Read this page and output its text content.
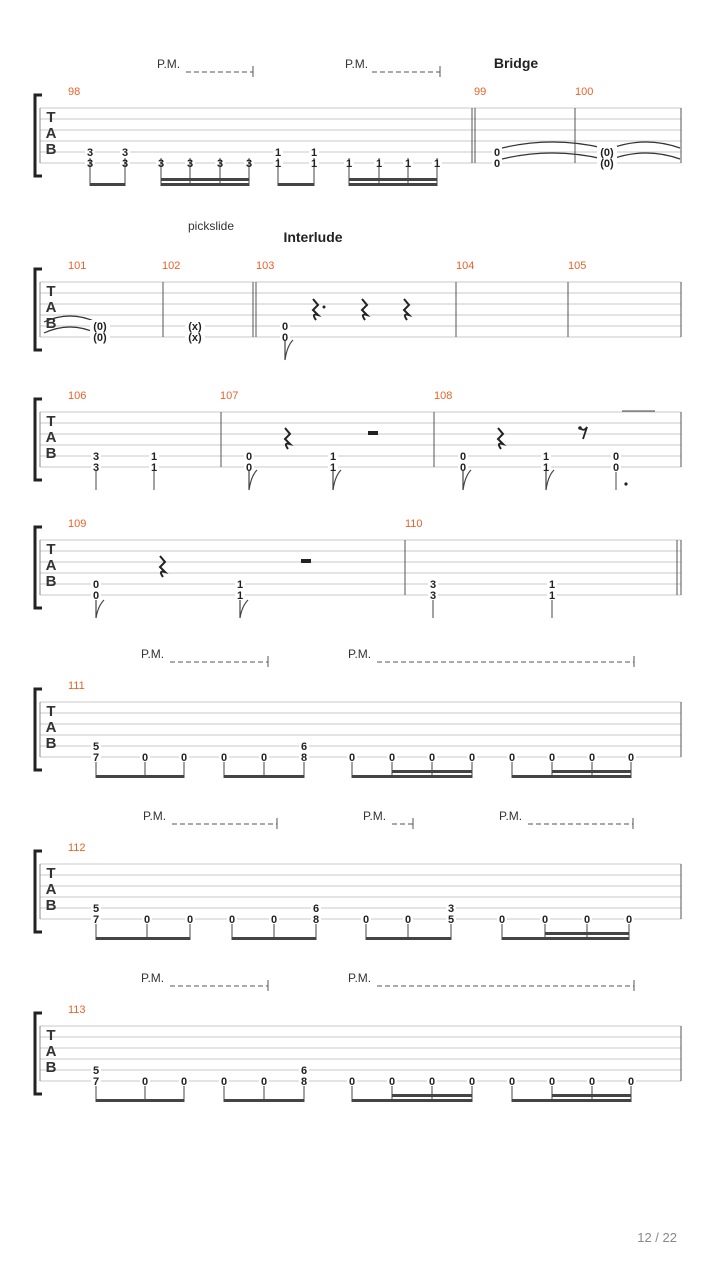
T
A
B
98	99	100
Bridge
P.M.	P.M.
3
3
3
3	3 3 3 3
1
1
1
1	1 1 1 1
0
0
(0)
(0)
T
A
B
101	102	103	104	105
Interlude
pickslide
(0)
(0)
(x)
(x)
0
0
T
A
B
106	107	108
3
3
1
1
0
0
1
1
0
0
1
1
0
0
T
A
B
109	110
0
0
1
1
3
3
1
1
T
A
B
111
P.M.	P.M.
5
7	0	0	0	0
6
8	0	0	0	0	0	0	0	0
T
A
B
112
P.M.	P.M.	P.M.
5
7	0	0	0	0
6
8	0	0
3
5	0	0	0	0
T
A
B
113
P.M.	P.M.
5
7	0	0	0	0
6
8	0	0	0	0	0	0	0	0
12 / 22
